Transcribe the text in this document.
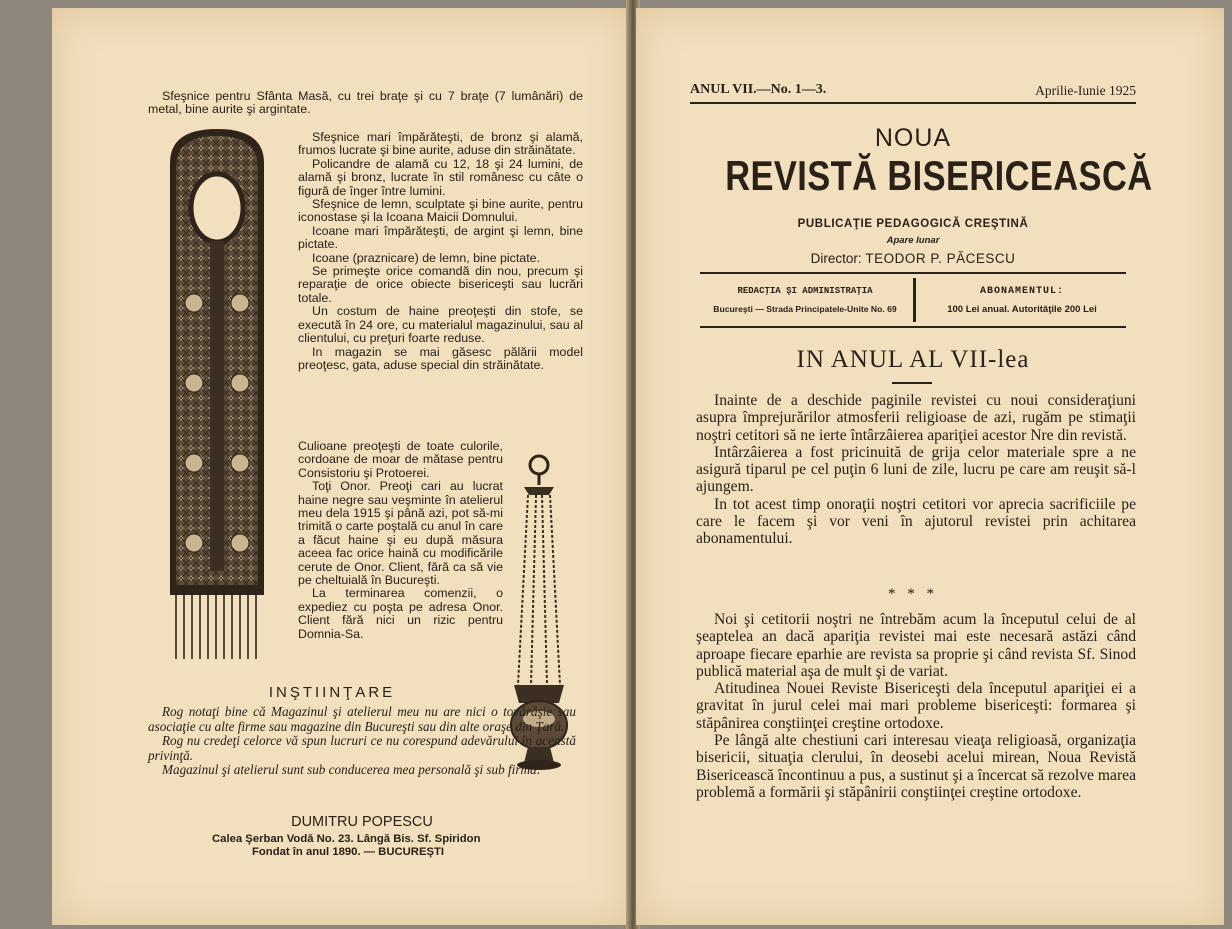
Sfeşnice pentru Sfânta Masă, cu trei braţe şi cu 7 braţe (7 lumânări) de metal, bine aurite şi argintate.

Sfeşnice mari împărăteşti, de bronz şi alamă, frumos lucrate şi bine aurite, aduse din străinătate.

Policandre de alamă cu 12, 18 şi 24 lumini, de alamă şi bronz, lucrate în stil românesc cu câte o figură de înger între lumini.

Sfeşnice de lemn, sculptate şi bine aurite, pentru iconostase şi la Icoana Maicii Domnului.

Icoane mari împărăteşti, de argint şi lemn, bine pictate.

Icoane (praznicare) de lemn, bine pictate.

Se primeşte orice comandă din nou, precum şi reparaţie de orice obiecte bisericeşti sau lucrări totale.

Un costum de haine preoţeşti din stofe, se execută în 24 ore, cu materialul magazinului, sau al clientului, cu preţuri foarte reduse.

In magazin se mai găsesc pălării model preoţesc, gata, aduse special din străinătate.

Culioane preoţeşti de toate culorile, cordoane de moar de mătase pentru Consistoriu şi Protoerei.

Toţi Onor. Preoţi cari au lucrat haine negre sau veşminte în atelierul meu dela 1915 şi până azi, pot să-mi trimită o carte poştală cu anul în care a făcut haine şi eu după măsura aceea fac orice haină cu modificările cerute de Onor. Client, fără ca să vie pe cheltuială în Bucureşti.

La terminarea comenzii, o expediez cu poşta pe adresa Onor. Client fără nici un rizic pentru Domnia-Sa.

INŞTIINŢARE

Rog notaţi bine că Magazinul şi atelierul meu nu are nici o tovărăşie sau asociaţie cu alte firme sau magazine din Bucureşti sau din alte oraşe din Ţară.

Rog nu credeţi celorce vă spun lucruri ce nu corespund adevărului în această privinţă.

Magazinul şi atelierul sunt sub conducerea mea personală şi sub firma:

DUMITRU POPESCU
Calea Şerban Vodă No. 23. Lângă Bis. Sf. Spiridon
Fondat în anul 1890. — BUCUREŞTI
ANUL VII.—No. 1—3.	Aprilie-Iunie 1925
NOUA
REVISTĂ BISERICEASCĂ
PUBLICAŢIE PEDAGOGICĂ CREŞTINĂ
Apare lunar
Director: TEODOR P. PĂCESCU
REDACŢIA ŞI ADMINISTRAŢIA
Bucureşti — Strada Principatele-Unite No. 69
ABONAMENTUL:
100 Lei anual. Autorităţile 200 Lei
IN ANUL AL VII-lea

Inainte de a deschide paginile revistei cu noui consideraţiuni asupra împrejurărilor atmosferii religioase de azi, rugăm pe stimaţii noştri cetitori să ne ierte întârzâierea apariţiei acestor Nre din revistă.

Intârzâierea a fost pricinuită de grija celor materiale spre a ne asigură tiparul pe cel puţin 6 luni de zile, lucru pe care am reuşit să-l ajungem.

In tot acest timp onoraţii noştri cetitori vor aprecia sacrificiile pe care le facem şi vor veni în ajutorul revistei prin achitarea abonamentului.

* * *

Noi şi cetitorii noştri ne întrebăm acum la începutul celui de al şeaptelea an dacă apariţia revistei mai este necesară astăzi când aproape fiecare eparhie are revista sa proprie şi când revista Sf. Sinod publică material aşa de mult şi de variat.

Atitudinea Nouei Reviste Bisericeşti dela începutul apariţiei ei a gravitat în jurul celei mai mari probleme bisericeşti: formarea şi stăpânirea conştiinţei creştine ortodoxe.

Pe lângă alte chestiuni cari interesau vieaţa religioasă, organizaţia bisericii, situaţia clerului, în deosebi acelui mirean, Noua Revistă Bisericească încontinuu a pus, a sustinut şi a încercat să rezolve marea problemă a formării şi stăpânirii conştiinţei creştine ortodoxe.
